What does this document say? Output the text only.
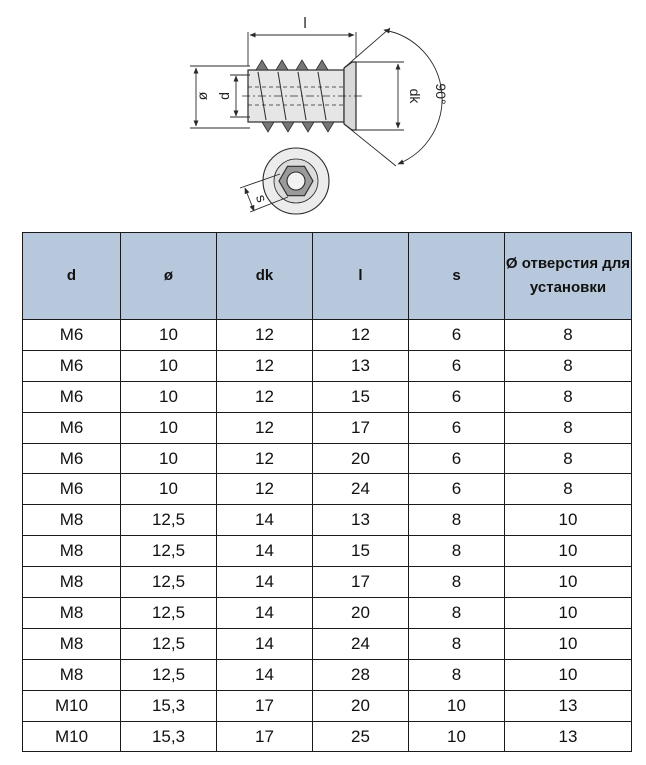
l
ø d	dk 90°
s
d	ø	dk	l	s	Ø отверстия для установки
M6	10	12	12	6	8
M6	10	12	13	6	8
M6	10	12	15	6	8
M6	10	12	17	6	8
M6	10	12	20	6	8
M6	10	12	24	6	8
M8	12,5	14	13	8	10
M8	12,5	14	15	8	10
M8	12,5	14	17	8	10
M8	12,5	14	20	8	10
M8	12,5	14	24	8	10
M8	12,5	14	28	8	10
M10	15,3	17	20	10	13
M10	15,3	17	25	10	13
